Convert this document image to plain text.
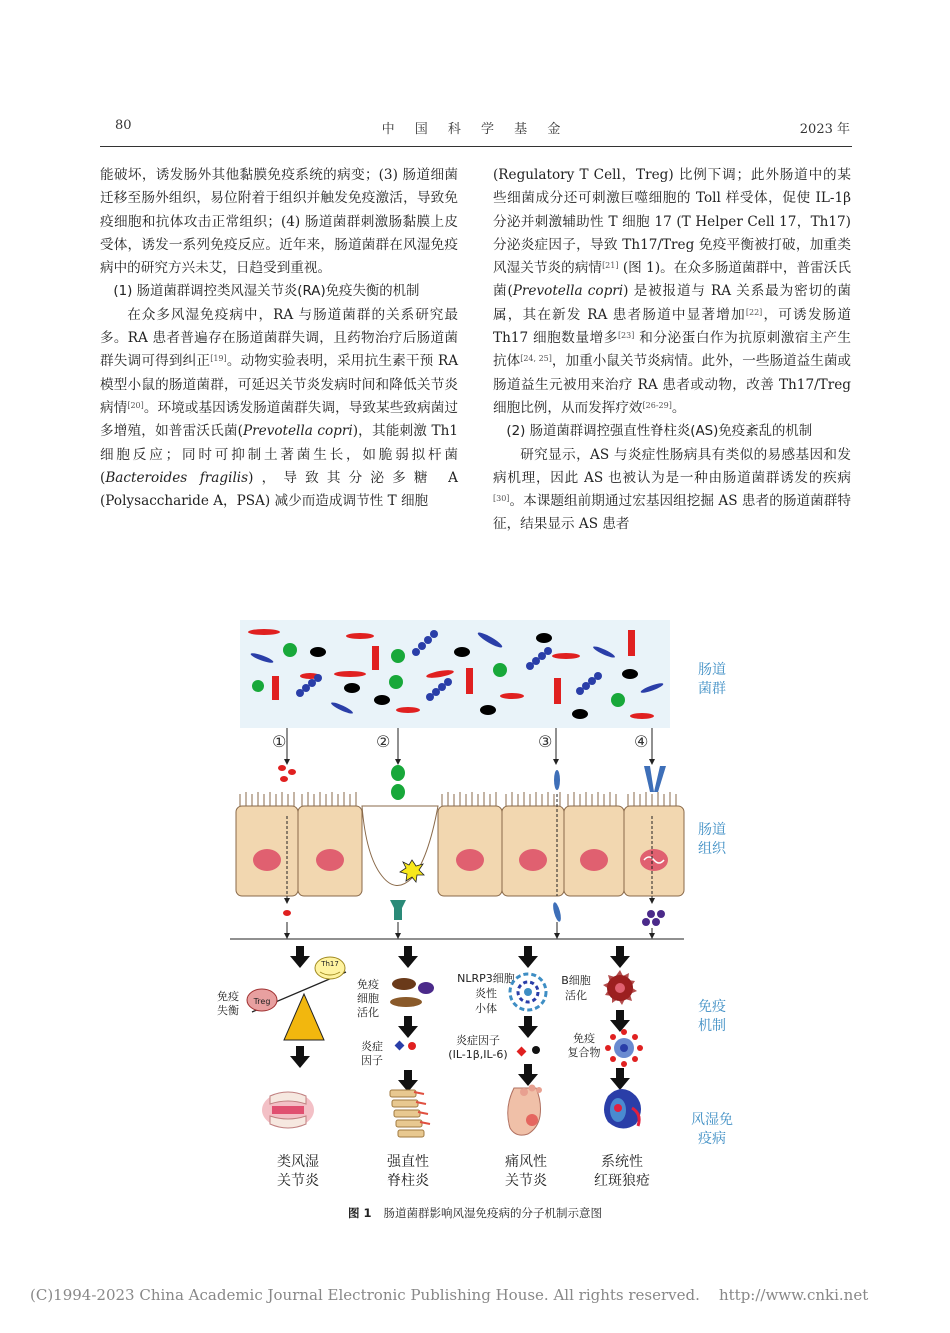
80	中 国 科 学 基 金	2023 年

能破坏，诱发肠外其他黏膜免疫系统的病变；(3) 肠道细菌迁移至肠外组织，易位附着于组织并触发免疫激活，导致免疫细胞和抗体攻击正常组织；(4) 肠道菌群刺激肠黏膜上皮受体，诱发一系列免疫反应。近年来，肠道菌群在风湿免疫病中的研究方兴未艾，日趋受到重视。

(1) 肠道菌群调控类风湿关节炎(RA)免疫失衡的机制

在众多风湿免疫病中，RA 与肠道菌群的关系研究最多。RA 患者普遍存在肠道菌群失调，且药物治疗后肠道菌群失调可得到纠正[19]。动物实验表明，采用抗生素干预 RA 模型小鼠的肠道菌群，可延迟关节炎发病时间和降低关节炎病情[20]。环境或基因诱发肠道菌群失调，导致某些致病菌过多增殖，如普雷沃氏菌(Prevotella copri)，其能刺激 Th1 细胞反应；同时可抑制土著菌生长，如脆弱拟杆菌(Bacteroides fragilis)，导致其分泌多糖 A (Polysaccharide A，PSA) 减少而造成调节性 T 细胞

(Regulatory T Cell，Treg) 比例下调；此外肠道中的某些细菌成分还可刺激巨噬细胞的 Toll 样受体，促使 IL-1β 分泌并刺激辅助性 T 细胞 17 (T Helper Cell 17，Th17) 分泌炎症因子，导致 Th17/Treg 免疫平衡被打破，加重类风湿关节炎的病情[21] (图 1)。在众多肠道菌群中，普雷沃氏菌(Prevotella copri) 是被报道与 RA 关系最为密切的菌属，其在新发 RA 患者肠道中显著增加[22]，可诱发肠道 Th17 细胞数量增多[23] 和分泌蛋白作为抗原刺激宿主产生抗体[24, 25]，加重小鼠关节炎病情。此外，一些肠道益生菌或肠道益生元被用来治疗 RA 患者或动物，改善 Th17/Treg 细胞比例，从而发挥疗效[26-29]。

(2) 肠道菌群调控强直性脊柱炎(AS)免疫紊乱的机制

研究显示，AS 与炎症性肠病具有类似的易感基因和发病机理，因此 AS 也被认为是一种由肠道菌群诱发的疾病[30]。本课题组前期通过宏基因组挖掘 AS 患者的肠道菌群特征，结果显示 AS 患者

肠道
菌群
①	②	③	④
肠道
组织
免疫
失衡
Treg
Th17
免疫
细胞
活化
炎症
因子
NLRP3细胞
炎性
小体
炎症因子
(IL-1β,IL-6)
B细胞
活化
免疫
复合物
免疫
机制
风湿免
疫病
类风湿
关节炎
强直性
脊柱炎
痛风性
关节炎
系统性
红斑狼疮
图 1 肠道菌群影响风湿免疫病的分子机制示意图
(C)1994-2023 China Academic Journal Electronic Publishing House. All rights reserved. http://www.cnki.net
